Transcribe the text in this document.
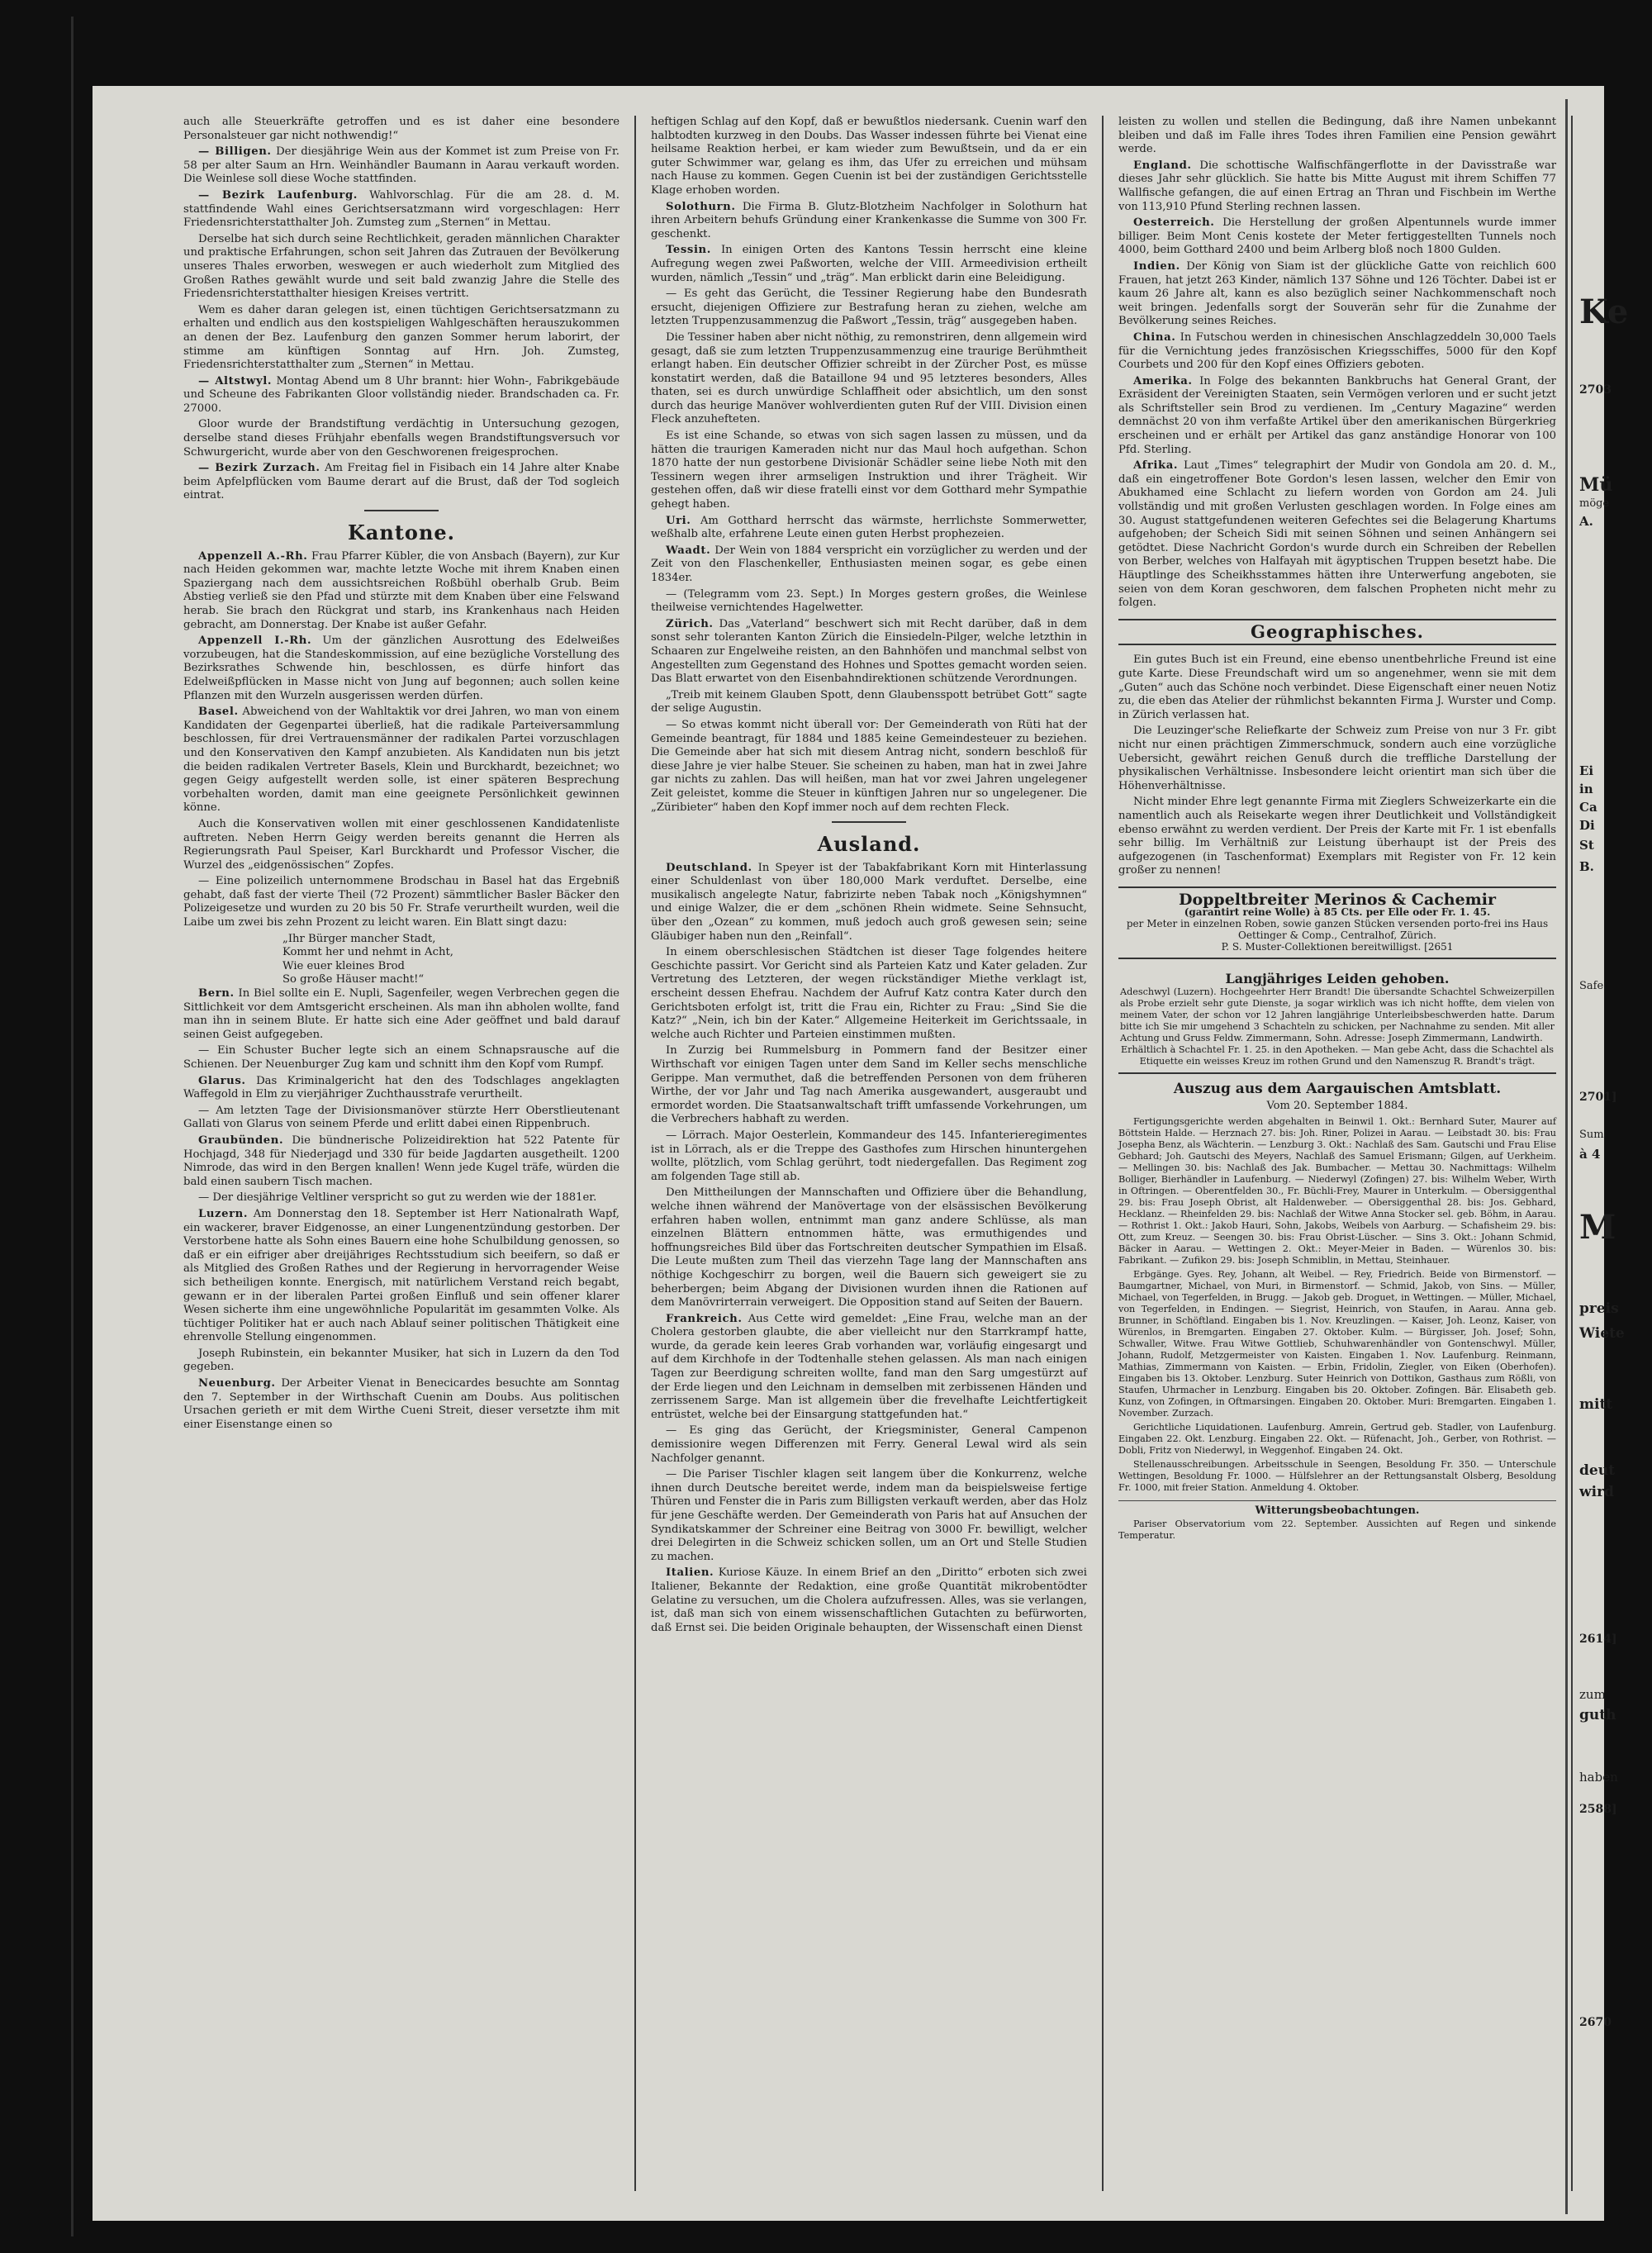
auch alle Steuerkräfte getroffen und es ist daher eine besondere Personalsteuer gar nicht nothwendig!“

— Billigen. Der diesjährige Wein aus der Kommet ist zum Preise von Fr. 58 per alter Saum an Hrn. Weinhändler Baumann in Aarau verkauft worden. Die Weinlese soll diese Woche stattfinden.

— Bezirk Laufenburg. Wahlvorschlag. Für die am 28. d. M. stattfindende Wahl eines Gerichtsersatzmann wird vorgeschlagen: Herr Friedensrichterstatthalter Joh. Zumsteg zum „Sternen“ in Mettau.

Derselbe hat sich durch seine Rechtlichkeit, geraden männlichen Charakter und praktische Erfahrungen, schon seit Jahren das Zutrauen der Bevölkerung unseres Thales erworben, weswegen er auch wiederholt zum Mitglied des Großen Rathes gewählt wurde und seit bald zwanzig Jahre die Stelle des Friedensrichterstatthalter hiesigen Kreises vertritt.

Wem es daher daran gelegen ist, einen tüchtigen Gerichtsersatzmann zu erhalten und endlich aus den kostspieligen Wahlgeschäften herauszukommen an denen der Bez. Laufenburg den ganzen Sommer herum laborirt, der stimme am künftigen Sonntag auf Hrn. Joh. Zumsteg, Friedensrichterstatthalter zum „Sternen“ in Mettau.

— Altstwyl. Montag Abend um 8 Uhr brannt: hier Wohn-, Fabrikgebäude und Scheune des Fabrikanten Gloor vollständig nieder. Brandschaden ca. Fr. 27000.

Gloor wurde der Brandstiftung verdächtig in Untersuchung gezogen, derselbe stand dieses Frühjahr ebenfalls wegen Brandstiftungsversuch vor Schwurgericht, wurde aber von den Geschworenen freigesprochen.

— Bezirk Zurzach. Am Freitag fiel in Fisibach ein 14 Jahre alter Knabe beim Apfelpflücken vom Baume derart auf die Brust, daß der Tod sogleich eintrat.

Kantone.

Appenzell A.-Rh. Frau Pfarrer Kübler, die von Ansbach (Bayern), zur Kur nach Heiden gekommen war, machte letzte Woche mit ihrem Knaben einen Spaziergang nach dem aussichtsreichen Roßbühl oberhalb Grub. Beim Abstieg verließ sie den Pfad und stürzte mit dem Knaben über eine Felswand herab. Sie brach den Rückgrat und starb, ins Krankenhaus nach Heiden gebracht, am Donnerstag. Der Knabe ist außer Gefahr.

Appenzell I.-Rh. Um der gänzlichen Ausrottung des Edelweißes vorzubeugen, hat die Standeskommission, auf eine bezügliche Vorstellung des Bezirksrathes Schwende hin, beschlossen, es dürfe hinfort das Edelweißpflücken in Masse nicht von Jung auf begonnen; auch sollen keine Pflanzen mit den Wurzeln ausgerissen werden dürfen.

Basel. Abweichend von der Wahltaktik vor drei Jahren, wo man von einem Kandidaten der Gegenpartei überließ, hat die radikale Parteiversammlung beschlossen, für drei Vertrauensmänner der radikalen Partei vorzuschlagen und den Konservativen den Kampf anzubieten. Als Kandidaten nun bis jetzt die beiden radikalen Vertreter Basels, Klein und Burckhardt, bezeichnet; wo gegen Geigy aufgestellt werden solle, ist einer späteren Besprechung vorbehalten worden, damit man eine geeignete Persönlichkeit gewinnen könne.

Auch die Konservativen wollen mit einer geschlossenen Kandidatenliste auftreten. Neben Herrn Geigy werden bereits genannt die Herren als Regierungsrath Paul Speiser, Karl Burckhardt und Professor Vischer, die Wurzel des „eidgenössischen“ Zopfes.

— Eine polizeilich unternommene Brodschau in Basel hat das Ergebniß gehabt, daß fast der vierte Theil (72 Prozent) sämmtlicher Basler Bäcker den Polizeigesetze und wurden zu 20 bis 50 Fr. Strafe verurtheilt wurden, weil die Laibe um zwei bis zehn Prozent zu leicht waren. Ein Blatt singt dazu:

„Ihr Bürger mancher Stadt,
Kommt her und nehmt in Acht,
Wie euer kleines Brod
So große Häuser macht!“

Bern. In Biel sollte ein E. Nupli, Sagenfeiler, wegen Verbrechen gegen die Sittlichkeit vor dem Amtsgericht erscheinen. Als man ihn abholen wollte, fand man ihn in seinem Blute. Er hatte sich eine Ader geöffnet und bald darauf seinen Geist aufgegeben.

— Ein Schuster Bucher legte sich an einem Schnapsrausche auf die Schienen. Der Neuenburger Zug kam und schnitt ihm den Kopf vom Rumpf.

Glarus. Das Kriminalgericht hat den des Todschlages angeklagten Waffegold in Elm zu vierjähriger Zuchthausstrafe verurtheilt.

— Am letzten Tage der Divisionsmanöver stürzte Herr Oberstlieutenant Gallati von Glarus von seinem Pferde und erlitt dabei einen Rippenbruch.

Graubünden. Die bündnerische Polizeidirektion hat 522 Patente für Hochjagd, 348 für Niederjagd und 330 für beide Jagdarten ausgetheilt. 1200 Nimrode, das wird in den Bergen knallen! Wenn jede Kugel träfe, würden die bald einen saubern Tisch machen.

— Der diesjährige Veltliner verspricht so gut zu werden wie der 1881er.

Luzern. Am Donnerstag den 18. September ist Herr Nationalrath Wapf, ein wackerer, braver Eidgenosse, an einer Lungenentzündung gestorben. Der Verstorbene hatte als Sohn eines Bauern eine hohe Schulbildung genossen, so daß er ein eifriger aber dreijähriges Rechtsstudium sich beeifern, so daß er als Mitglied des Großen Rathes und der Regierung in hervorragender Weise sich betheiligen konnte. Energisch, mit natürlichem Verstand reich begabt, gewann er in der liberalen Partei großen Einfluß und sein offener klarer Wesen sicherte ihm eine ungewöhnliche Popularität im gesammten Volke. Als tüchtiger Politiker hat er auch nach Ablauf seiner politischen Thätigkeit eine ehrenvolle Stellung eingenommen.

Joseph Rubinstein, ein bekannter Musiker, hat sich in Luzern da den Tod gegeben.

Neuenburg. Der Arbeiter Vienat in Benecicardes besuchte am Sonntag den 7. September in der Wirthschaft Cuenin am Doubs. Aus politischen Ursachen gerieth er mit dem Wirthe Cueni Streit, dieser versetzte ihm mit einer Eisenstange einen so

heftigen Schlag auf den Kopf, daß er bewußtlos niedersank. Cuenin warf den halbtodten kurzweg in den Doubs. Das Wasser indessen führte bei Vienat eine heilsame Reaktion herbei, er kam wieder zum Bewußtsein, und da er ein guter Schwimmer war, gelang es ihm, das Ufer zu erreichen und mühsam nach Hause zu kommen. Gegen Cuenin ist bei der zuständigen Gerichtsstelle Klage erhoben worden.

Solothurn. Die Firma B. Glutz-Blotzheim Nachfolger in Solothurn hat ihren Arbeitern behufs Gründung einer Krankenkasse die Summe von 300 Fr. geschenkt.

Tessin. In einigen Orten des Kantons Tessin herrscht eine kleine Aufregung wegen zwei Paßworten, welche der VIII. Armeedivision ertheilt wurden, nämlich „Tessin“ und „träg“. Man erblickt darin eine Beleidigung.

— Es geht das Gerücht, die Tessiner Regierung habe den Bundesrath ersucht, diejenigen Offiziere zur Bestrafung heran zu ziehen, welche am letzten Truppenzusammenzug die Paßwort „Tessin, träg“ ausgegeben haben.

Die Tessiner haben aber nicht nöthig, zu remonstriren, denn allgemein wird gesagt, daß sie zum letzten Truppenzusammenzug eine traurige Berühmtheit erlangt haben. Ein deutscher Offizier schreibt in der Zürcher Post, es müsse konstatirt werden, daß die Bataillone 94 und 95 letzteres besonders, Alles thaten, sei es durch unwürdige Schlaffheit oder absichtlich, um den sonst durch das heurige Manöver wohlverdienten guten Ruf der VIII. Division einen Fleck anzuhefteten.

Es ist eine Schande, so etwas von sich sagen lassen zu müssen, und da hätten die traurigen Kameraden nicht nur das Maul hoch aufgethan. Schon 1870 hatte der nun gestorbene Divisionär Schädler seine liebe Noth mit den Tessinern wegen ihrer armseligen Instruktion und ihrer Trägheit. Wir gestehen offen, daß wir diese fratelli einst vor dem Gotthard mehr Sympathie gehegt haben.

Uri. Am Gotthard herrscht das wärmste, herrlichste Sommerwetter, weßhalb alte, erfahrene Leute einen guten Herbst prophezeien.

Waadt. Der Wein von 1884 verspricht ein vorzüglicher zu werden und der Zeit von den Flaschenkeller, Enthusiasten meinen sogar, es gebe einen 1834er.

— (Telegramm vom 23. Sept.) In Morges gestern großes, die Weinlese theilweise vernichtendes Hagelwetter.

Zürich. Das „Vaterland“ beschwert sich mit Recht darüber, daß in dem sonst sehr toleranten Kanton Zürich die Einsiedeln-Pilger, welche letzthin in Schaaren zur Engelweihe reisten, an den Bahnhöfen und manchmal selbst von Angestellten zum Gegenstand des Hohnes und Spottes gemacht worden seien. Das Blatt erwartet von den Eisenbahndirektionen schützende Verordnungen.

„Treib mit keinem Glauben Spott, denn Glaubensspott betrübet Gott“ sagte der selige Augustin.

— So etwas kommt nicht überall vor: Der Gemeinderath von Rüti hat der Gemeinde beantragt, für 1884 und 1885 keine Gemeindesteuer zu beziehen. Die Gemeinde aber hat sich mit diesem Antrag nicht, sondern beschloß für diese Jahre je vier halbe Steuer. Sie scheinen zu haben, man hat in zwei Jahre gar nichts zu zahlen. Das will heißen, man hat vor zwei Jahren ungelegener Zeit geleistet, komme die Steuer in künftigen Jahren nur so ungelegener. Die „Züribieter“ haben den Kopf immer noch auf dem rechten Fleck.

Ausland.

Deutschland. In Speyer ist der Tabakfabrikant Korn mit Hinterlassung einer Schuldenlast von über 180,000 Mark verduftet. Derselbe, eine musikalisch angelegte Natur, fabrizirte neben Tabak noch „Königshymnen“ und einige Walzer, die er dem „schönen Rhein widmete. Seine Sehnsucht, über den „Ozean“ zu kommen, muß jedoch auch groß gewesen sein; seine Gläubiger haben nun den „Reinfall“.

In einem oberschlesischen Städtchen ist dieser Tage folgendes heitere Geschichte passirt. Vor Gericht sind als Parteien Katz und Kater geladen. Zur Vertretung des Letzteren, der wegen rückständiger Miethe verklagt ist, erscheint dessen Ehefrau. Nachdem der Aufruf Katz contra Kater durch den Gerichtsboten erfolgt ist, tritt die Frau ein, Richter zu Frau: „Sind Sie die Katz?“ „Nein, ich bin der Kater.“ Allgemeine Heiterkeit im Gerichtssaale, in welche auch Richter und Parteien einstimmen mußten.

In Zurzig bei Rummelsburg in Pommern fand der Besitzer einer Wirthschaft vor einigen Tagen unter dem Sand im Keller sechs menschliche Gerippe. Man vermuthet, daß die betreffenden Personen von dem früheren Wirthe, der vor Jahr und Tag nach Amerika ausgewandert, ausgeraubt und ermordet worden. Die Staatsanwaltschaft trifft umfassende Vorkehrungen, um die Verbrechers habhaft zu werden.

— Lörrach. Major Oesterlein, Kommandeur des 145. Infanterieregimentes ist in Lörrach, als er die Treppe des Gasthofes zum Hirschen hinuntergehen wollte, plötzlich, vom Schlag gerührt, todt niedergefallen. Das Regiment zog am folgenden Tage still ab.

Den Mittheilungen der Mannschaften und Offiziere über die Behandlung, welche ihnen während der Manövertage von der elsässischen Bevölkerung erfahren haben wollen, entnimmt man ganz andere Schlüsse, als man einzelnen Blättern entnommen hätte, was ermuthigendes und hoffnungsreiches Bild über das Fortschreiten deutscher Sympathien im Elsaß. Die Leute mußten zum Theil das vierzehn Tage lang der Mannschaften ans nöthige Kochgeschirr zu borgen, weil die Bauern sich geweigert sie zu beherbergen; beim Abgang der Divisionen wurden ihnen die Rationen auf dem Manövrirterrain verweigert. Die Opposition stand auf Seiten der Bauern.

Frankreich. Aus Cette wird gemeldet: „Eine Frau, welche man an der Cholera gestorben glaubte, die aber vielleicht nur den Starrkrampf hatte, wurde, da gerade kein leeres Grab vorhanden war, vorläufig eingesargt und auf dem Kirchhofe in der Todtenhalle stehen gelassen. Als man nach einigen Tagen zur Beerdigung schreiten wollte, fand man den Sarg umgestürzt auf der Erde liegen und den Leichnam in demselben mit zerbissenen Händen und zerrissenem Sarge. Man ist allgemein über die frevelhafte Leichtfertigkeit entrüstet, welche bei der Einsargung stattgefunden hat.“

— Es ging das Gerücht, der Kriegsminister, General Campenon demissionire wegen Differenzen mit Ferry. General Lewal wird als sein Nachfolger genannt.

— Die Pariser Tischler klagen seit langem über die Konkurrenz, welche ihnen durch Deutsche bereitet werde, indem man da beispielsweise fertige Thüren und Fenster die in Paris zum Billigsten verkauft werden, aber das Holz für jene Geschäfte werden. Der Gemeinderath von Paris hat auf Ansuchen der Syndikatskammer der Schreiner eine Beitrag von 3000 Fr. bewilligt, welcher drei Delegirten in die Schweiz schicken sollen, um an Ort und Stelle Studien zu machen.

Italien. Kuriose Käuze. In einem Brief an den „Diritto“ erboten sich zwei Italiener, Bekannte der Redaktion, eine große Quantität mikrobentödter Gelatine zu versuchen, um die Cholera aufzufressen. Alles, was sie verlangen, ist, daß man sich von einem wissenschaftlichen Gutachten zu befürworten, daß Ernst sei. Die beiden Originale behaupten, der Wissenschaft einen Dienst

leisten zu wollen und stellen die Bedingung, daß ihre Namen unbekannt bleiben und daß im Falle ihres Todes ihren Familien eine Pension gewährt werde.

England. Die schottische Walfischfängerflotte in der Davisstraße war dieses Jahr sehr glücklich. Sie hatte bis Mitte August mit ihrem Schiffen 77 Wallfische gefangen, die auf einen Ertrag an Thran und Fischbein im Werthe von 113,910 Pfund Sterling rechnen lassen.

Oesterreich. Die Herstellung der großen Alpentunnels wurde immer billiger. Beim Mont Cenis kostete der Meter fertiggestellten Tunnels noch 4000, beim Gotthard 2400 und beim Arlberg bloß noch 1800 Gulden.

Indien. Der König von Siam ist der glückliche Gatte von reichlich 600 Frauen, hat jetzt 263 Kinder, nämlich 137 Söhne und 126 Töchter. Dabei ist er kaum 26 Jahre alt, kann es also bezüglich seiner Nachkommenschaft noch weit bringen. Jedenfalls sorgt der Souverän sehr für die Zunahme der Bevölkerung seines Reiches.

China. In Futschou werden in chinesischen Anschlagzeddeln 30,000 Taels für die Vernichtung jedes französischen Kriegsschiffes, 5000 für den Kopf Courbets und 200 für den Kopf eines Offiziers geboten.

Amerika. In Folge des bekannten Bankbruchs hat General Grant, der Exräsident der Vereinigten Staaten, sein Vermögen verloren und er sucht jetzt als Schriftsteller sein Brod zu verdienen. Im „Century Magazine“ werden demnächst 20 von ihm verfaßte Artikel über den amerikanischen Bürgerkrieg erscheinen und er erhält per Artikel das ganz anständige Honorar von 100 Pfd. Sterling.

Afrika. Laut „Times“ telegraphirt der Mudir von Gondola am 20. d. M., daß ein eingetroffener Bote Gordon's lesen lassen, welcher den Emir von Abukhamed eine Schlacht zu liefern worden von Gordon am 24. Juli vollständig und mit großen Verlusten geschlagen worden. In Folge eines am 30. August stattgefundenen weiteren Gefechtes sei die Belagerung Khartums aufgehoben; der Scheich Sidi mit seinen Söhnen und seinen Anhängern sei getödtet. Diese Nachricht Gordon's wurde durch ein Schreiben der Rebellen von Berber, welches von Halfayah mit ägyptischen Truppen besetzt habe. Die Häuptlinge des Scheikhsstammes hätten ihre Unterwerfung angeboten, sie seien von dem Koran geschworen, dem falschen Propheten nicht mehr zu folgen.

Geographisches.

Ein gutes Buch ist ein Freund, eine ebenso unentbehrliche Freund ist eine gute Karte. Diese Freundschaft wird um so angenehmer, wenn sie mit dem „Guten“ auch das Schöne noch verbindet. Diese Eigenschaft einer neuen Notiz zu, die eben das Atelier der rühmlichst bekannten Firma J. Wurster und Comp. in Zürich verlassen hat.

Die Leuzinger'sche Reliefkarte der Schweiz zum Preise von nur 3 Fr. gibt nicht nur einen prächtigen Zimmerschmuck, sondern auch eine vorzügliche Uebersicht, gewährt reichen Genuß durch die treffliche Darstellung der physikalischen Verhältnisse. Insbesondere leicht orientirt man sich über die Höhenverhältnisse.

Nicht minder Ehre legt genannte Firma mit Zieglers Schweizerkarte ein die namentlich auch als Reisekarte wegen ihrer Deutlichkeit und Vollständigkeit ebenso erwähnt zu werden verdient. Der Preis der Karte mit Fr. 1 ist ebenfalls sehr billig. Im Verhältniß zur Leistung überhaupt ist der Preis des aufgezogenen (in Taschenformat) Exemplars mit Register von Fr. 12 kein großer zu nennen!

Doppeltbreiter Merinos & Cachemir
(garantirt reine Wolle) à 85 Cts. per Elle oder Fr. 1. 45.
per Meter in einzelnen Roben, sowie ganzen Stücken versenden porto-frei ins Haus Oettinger & Comp., Centralhof, Zürich.
P. S. Muster-Collektionen bereitwilligst. [2651
Langjähriges Leiden gehoben.
Adeschwyl (Luzern). Hochgeehrter Herr Brandt! Die übersandte Schachtel Schweizerpillen als Probe erzielt sehr gute Dienste, ja sogar wirklich was ich nicht hoffte, dem vielen von meinem Vater, der schon vor 12 Jahren langjährige Unterleibsbeschwerden hatte. Darum bitte ich Sie mir umgehend 3 Schachteln zu schicken, per Nachnahme zu senden. Mit aller Achtung und Gruss Feldw. Zimmermann, Sohn. Adresse: Joseph Zimmermann, Landwirth.
Erhältlich à Schachtel Fr. 1. 25. in den Apotheken. — Man gebe Acht, dass die Schachtel als Etiquette ein weisses Kreuz im rothen Grund und den Namenszug R. Brandt's trägt.
Auszug aus dem Aargauischen Amtsblatt.
Vom 20. September 1884.

Fertigungsgerichte werden abgehalten in Beinwil 1. Okt.: Bernhard Suter, Maurer auf Böttstein Halde. — Herznach 27. bis: Joh. Riner, Polizei in Aarau. — Leibstadt 30. bis: Frau Josepha Benz, als Wächterin. — Lenzburg 3. Okt.: Nachlaß des Sam. Gautschi und Frau Elise Gebhard; Joh. Gautschi des Meyers, Nachlaß des Samuel Erismann; Gilgen, auf Uerkheim. — Mellingen 30. bis: Nachlaß des Jak. Bumbacher. — Mettau 30. Nachmittags: Wilhelm Bolliger, Bierhändler in Laufenburg. — Niederwyl (Zofingen) 27. bis: Wilhelm Weber, Wirth in Oftringen. — Oberentfelden 30., Fr. Büchli-Frey, Maurer in Unterkulm. — Obersiggenthal 29. bis: Frau Joseph Obrist, alt Haldenweber. — Obersiggenthal 28. bis: Jos. Gebhard, Hecklanz. — Rheinfelden 29. bis: Nachlaß der Witwe Anna Stocker sel. geb. Böhm, in Aarau. — Rothrist 1. Okt.: Jakob Hauri, Sohn, Jakobs, Weibels von Aarburg. — Schafisheim 29. bis: Ott, zum Kreuz. — Seengen 30. bis: Frau Obrist-Lüscher. — Sins 3. Okt.: Johann Schmid, Bäcker in Aarau. — Wettingen 2. Okt.: Meyer-Meier in Baden. — Würenlos 30. bis: Fabrikant. — Zufikon 29. bis: Joseph Schmiblin, in Mettau, Steinhauer.

Erbgänge. Gyes. Rey, Johann, alt Weibel. — Rey, Friedrich. Beide von Birmenstorf. — Baumgartner, Michael, von Muri, in Birmenstorf. — Schmid, Jakob, von Sins. — Müller, Michael, von Tegerfelden, in Brugg. — Jakob geb. Droguet, in Wettingen. — Müller, Michael, von Tegerfelden, in Endingen. — Siegrist, Heinrich, von Staufen, in Aarau. Anna geb. Brunner, in Schöftland. Eingaben bis 1. Nov. Kreuzlingen. — Kaiser, Joh. Leonz, Kaiser, von Würenlos, in Bremgarten. Eingaben 27. Oktober. Kulm. — Bürgisser, Joh. Josef; Sohn, Schwaller, Witwe. Frau Witwe Gottlieb, Schuhwarenhändler von Gontenschwyl. Müller, Johann, Rudolf, Metzgermeister von Kaisten. Eingaben 1. Nov. Laufenburg. Reinmann, Mathias, Zimmermann von Kaisten. — Erbin, Fridolin, Ziegler, von Eiken (Oberhofen). Eingaben bis 13. Oktober. Lenzburg. Suter Heinrich von Dottikon, Gasthaus zum Rößli, von Staufen, Uhrmacher in Lenzburg. Eingaben bis 20. Oktober. Zofingen. Bär. Elisabeth geb. Kunz, von Zofingen, in Oftmarsingen. Eingaben 20. Oktober. Muri: Bremgarten. Eingaben 1. November. Zurzach.

Gerichtliche Liquidationen. Laufenburg. Amrein, Gertrud geb. Stadler, von Laufenburg. Eingaben 22. Okt. Lenzburg. Eingaben 22. Okt. — Rüfenacht, Joh., Gerber, von Rothrist. — Dobli, Fritz von Niederwyl, in Weggenhof. Eingaben 24. Okt.

Stellenausschreibungen. Arbeitsschule in Seengen, Besoldung Fr. 350. — Unterschule Wettingen, Besoldung Fr. 1000. — Hülfslehrer an der Rettungsanstalt Olsberg, Besoldung Fr. 1000, mit freier Station. Anmeldung 4. Oktober.

Witterungsbeobachtungen.

Pariser Observatorium vom 22. September. Aussichten auf Regen und sinkende Temperatur.

Ke
2703
Mü
möge
A.
Ei
in
Ca
Di
St
B.
Safe
2701]
Sum
à 4
M
preis
Wiete
mitt
deut
wird
2614]
zum
guth
haben
2588]
2670
